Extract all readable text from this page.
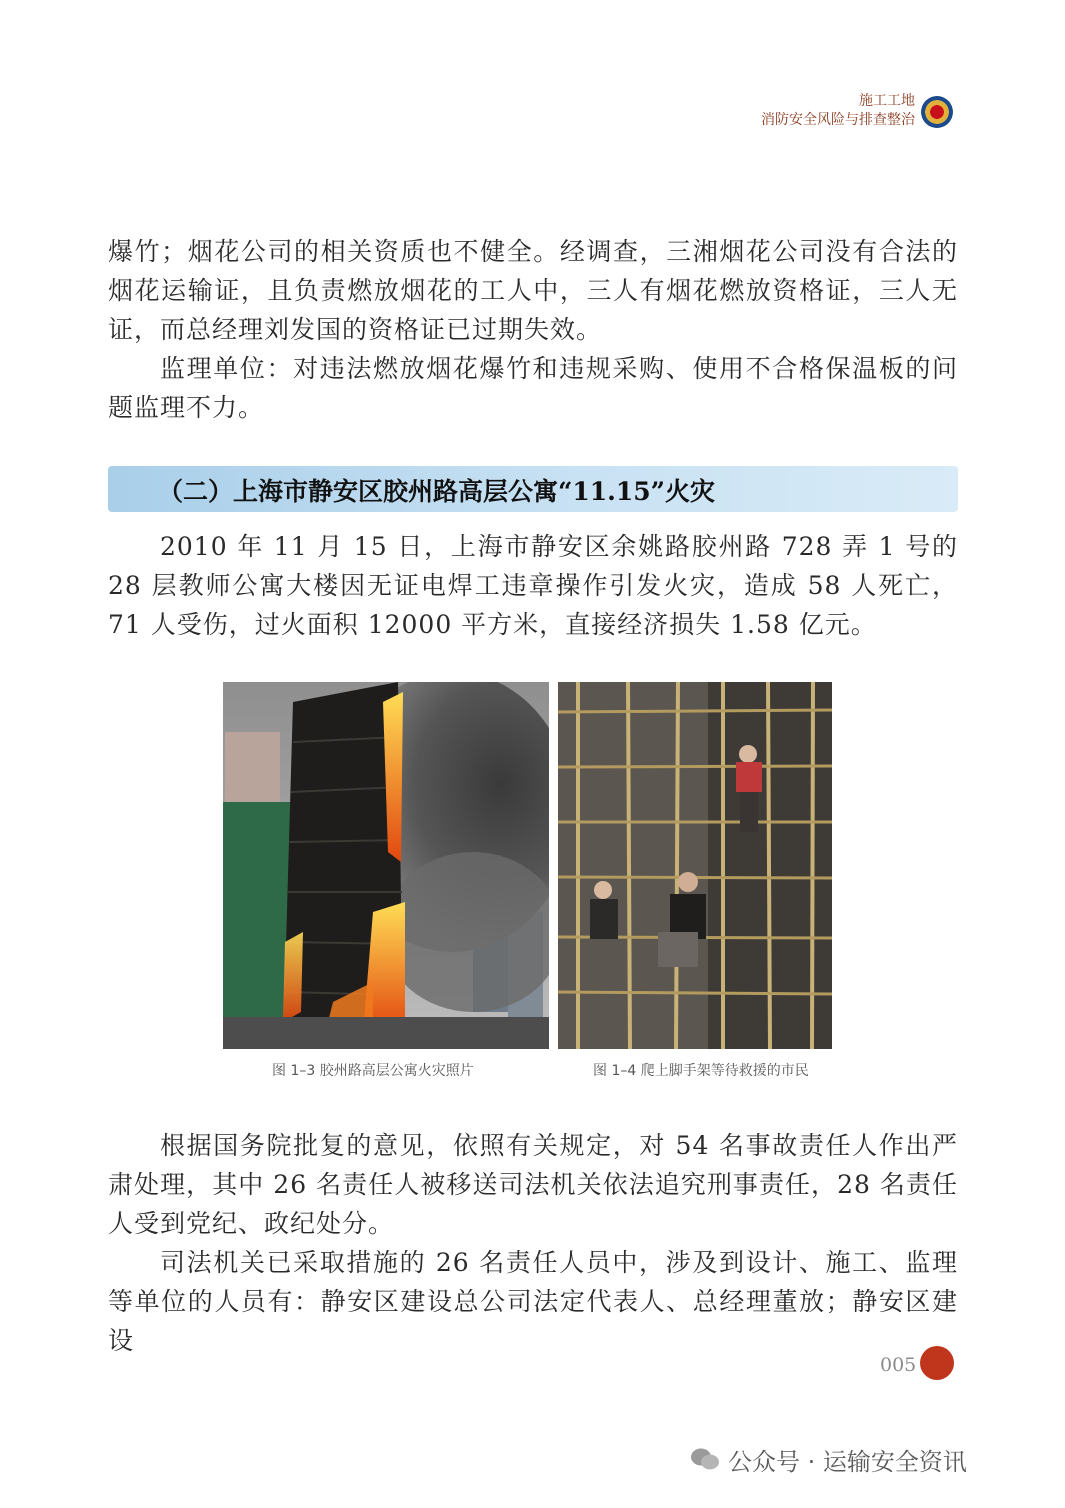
施工工地
消防安全风险与排查整治

爆竹；烟花公司的相关资质也不健全。经调查，三湘烟花公司没有合法的烟花运输证，且负责燃放烟花的工人中，三人有烟花燃放资格证，三人无证，而总经理刘发国的资格证已过期失效。

监理单位：对违法燃放烟花爆竹和违规采购、使用不合格保温板的问题监理不力。

（二）上海市静安区胶州路高层公寓“11.15”火灾

2010 年 11 月 15 日，上海市静安区余姚路胶州路 728 弄 1 号的 28 层教师公寓大楼因无证电焊工违章操作引发火灾，造成 58 人死亡，71 人受伤，过火面积 12000 平方米，直接经济损失 1.58 亿元。

图 1–3 胶州路高层公寓火灾照片	图 1–4 爬上脚手架等待救援的市民

根据国务院批复的意见，依照有关规定，对 54 名事故责任人作出严肃处理，其中 26 名责任人被移送司法机关依法追究刑事责任，28 名责任人受到党纪、政纪处分。

司法机关已采取措施的 26 名责任人员中，涉及到设计、施工、监理等单位的人员有：静安区建设总公司法定代表人、总经理董放；静安区建设

005
公众号 · 运输安全资讯
